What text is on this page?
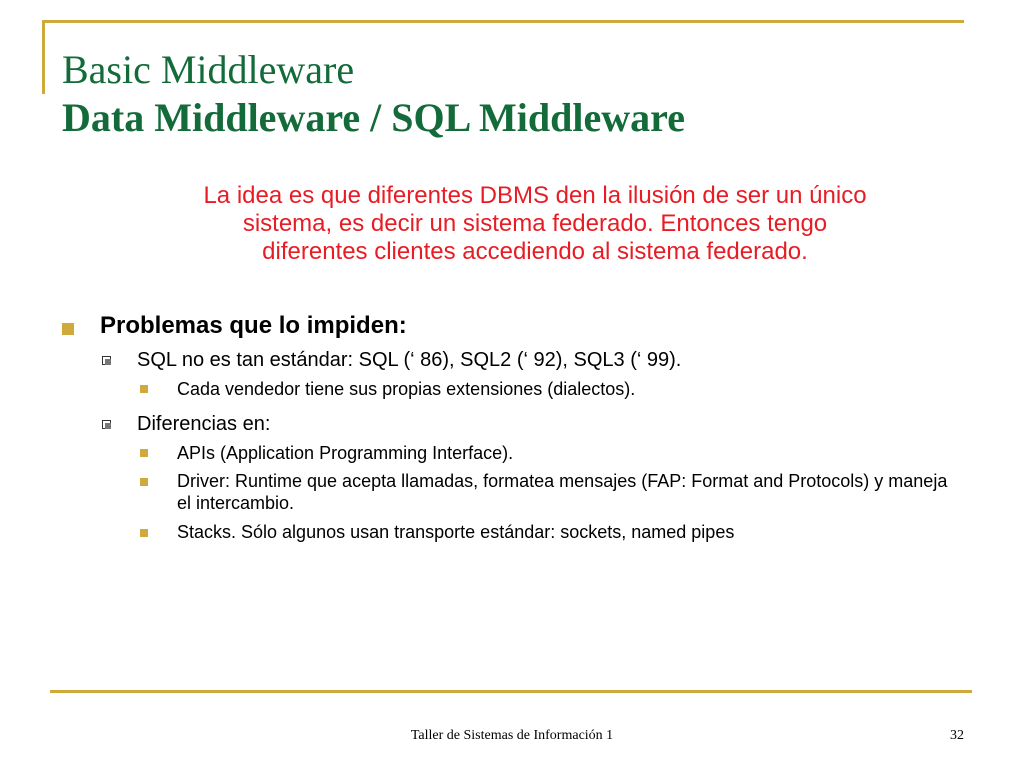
Basic Middleware
Data Middleware / SQL Middleware
La idea es que diferentes DBMS den la ilusión de ser un único
sistema, es decir un sistema federado. Entonces tengo
diferentes clientes accediendo al sistema federado.
Problemas que lo impiden:
SQL no es tan estándar: SQL (‘ 86), SQL2 (‘ 92), SQL3 (‘ 99).
Cada vendedor tiene sus propias extensiones (dialectos).
Diferencias en:
APIs (Application Programming Interface).
Driver: Runtime que acepta llamadas, formatea mensajes (FAP: Format and Protocols) y maneja el intercambio.
Stacks. Sólo algunos usan transporte estándar: sockets, named pipes
Taller de Sistemas de Información 1	32
